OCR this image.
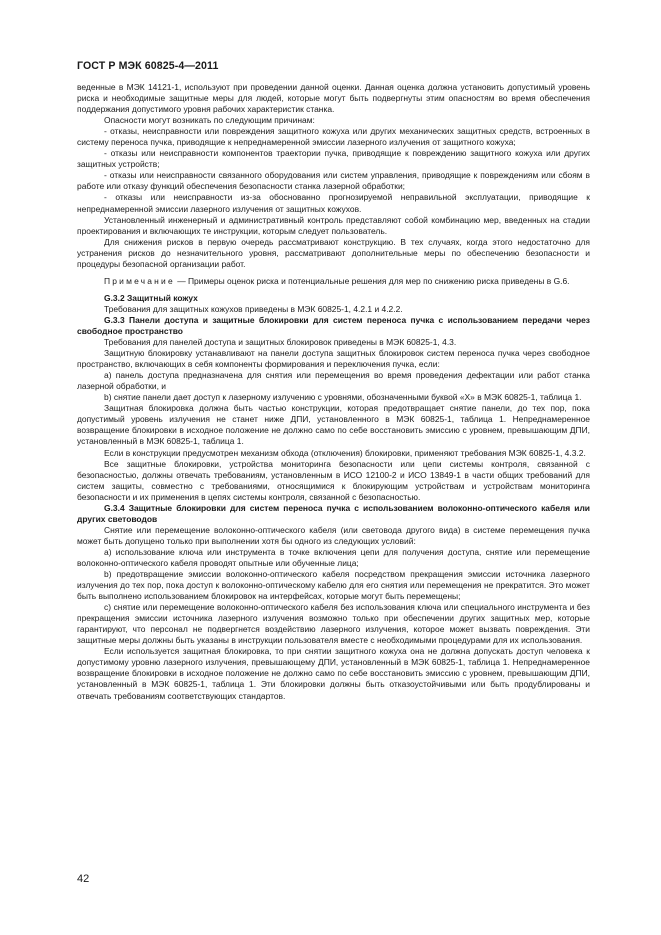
ГОСТ Р МЭК 60825-4—2011

веденные в МЭК 14121-1, используют при проведении данной оценки. Данная оценка должна установить допустимый уровень риска и необходимые защитные меры для людей, которые могут быть подвергнуты этим опасностям во время обеспечения поддержания допустимого уровня рабочих характеристик станка.

Опасности могут возникать по следующим причинам:

- отказы, неисправности или повреждения защитного кожуха или других механических защитных средств, встроенных в систему переноса пучка, приводящие к непреднамеренной эмиссии лазерного излучения от защитного кожуха;

- отказы или неисправности компонентов траектории пучка, приводящие к повреждению защитного кожуха или других защитных устройств;

- отказы или неисправности связанного оборудования или систем управления, приводящие к повреждениям или сбоям в работе или отказу функций обеспечения безопасности станка лазерной обработки;

- отказы или неисправности из-за обоснованно прогнозируемой неправильной эксплуатации, приводящие к непреднамеренной эмиссии лазерного излучения от защитных кожухов.

Установленный инженерный и административный контроль представляют собой комбинацию мер, введенных на стадии проектирования и включающих те инструкции, которым следует пользователь.

Для снижения рисков в первую очередь рассматривают конструкцию. В тех случаях, когда этого недостаточно для устранения рисков до незначительного уровня, рассматривают дополнительные меры по обеспечению безопасности и процедуры безопасной организации работ.

Примечание — Примеры оценок риска и потенциальные решения для мер по снижению риска приведены в G.6.

G.3.2 Защитный кожух

Требования для защитных кожухов приведены в МЭК 60825-1, 4.2.1 и 4.2.2.

G.3.3 Панели доступа и защитные блокировки для систем переноса пучка с использованием передачи через свободное пространство

Требования для панелей доступа и защитных блокировок приведены в МЭК 60825-1, 4.3.

Защитную блокировку устанавливают на панели доступа защитных блокировок систем переноса пучка через свободное пространство, включающих в себя компоненты формирования и переключения пучка, если:

a) панель доступа предназначена для снятия или перемещения во время проведения дефектации или работ станка лазерной обработки, и

b) снятие панели дает доступ к лазерному излучению с уровнями, обозначенными буквой «Х» в МЭК 60825-1, таблица 1.

Защитная блокировка должна быть частью конструкции, которая предотвращает снятие панели, до тех пор, пока допустимый уровень излучения не станет ниже ДПИ, установленного в МЭК 60825-1, таблица 1. Непреднамеренное возвращение блокировки в исходное положение не должно само по себе восстановить эмиссию с уровнем, превышающим ДПИ, установленный в МЭК 60825-1, таблица 1.

Если в конструкции предусмотрен механизм обхода (отключения) блокировки, применяют требования МЭК 60825-1, 4.3.2.

Все защитные блокировки, устройства мониторинга безопасности или цепи системы контроля, связанной с безопасностью, должны отвечать требованиям, установленным в ИСО 12100-2 и ИСО 13849-1 в части общих требований для систем защиты, совместно с требованиями, относящимися к блокирующим устройствам и устройствам мониторинга безопасности и их применения в цепях системы контроля, связанной с безопасностью.

G.3.4 Защитные блокировки для систем переноса пучка с использованием волоконно-оптического кабеля или других световодов

Снятие или перемещение волоконно-оптического кабеля (или световода другого вида) в системе перемещения пучка может быть допущено только при выполнении хотя бы одного из следующих условий:

a) использование ключа или инструмента в точке включения цепи для получения доступа, снятие или перемещение волоконно-оптического кабеля проводят опытные или обученные лица;

b) предотвращение эмиссии волоконно-оптического кабеля посредством прекращения эмиссии источника лазерного излучения до тех пор, пока доступ к волоконно-оптическому кабелю для его снятия или перемещения не прекратится. Это может быть выполнено использованием блокировок на интерфейсах, которые могут быть перемещены;

c) снятие или перемещение волоконно-оптического кабеля без использования ключа или специального инструмента и без прекращения эмиссии источника лазерного излучения возможно только при обеспечении других защитных мер, которые гарантируют, что персонал не подвергнется воздействию лазерного излучения, которое может вызвать повреждения. Эти защитные меры должны быть указаны в инструкции пользователя вместе с необходимыми процедурами для их использования.

Если используется защитная блокировка, то при снятии защитного кожуха она не должна допускать доступ человека к допустимому уровню лазерного излучения, превышающему ДПИ, установленный в МЭК 60825-1, таблица 1. Непреднамеренное возвращение блокировки в исходное положение не должно само по себе восстановить эмиссию с уровнем, превышающим ДПИ, установленный в МЭК 60825-1, таблица 1. Эти блокировки должны быть отказоустойчивыми или быть продублированы и отвечать требованиям соответствующих стандартов.

42
